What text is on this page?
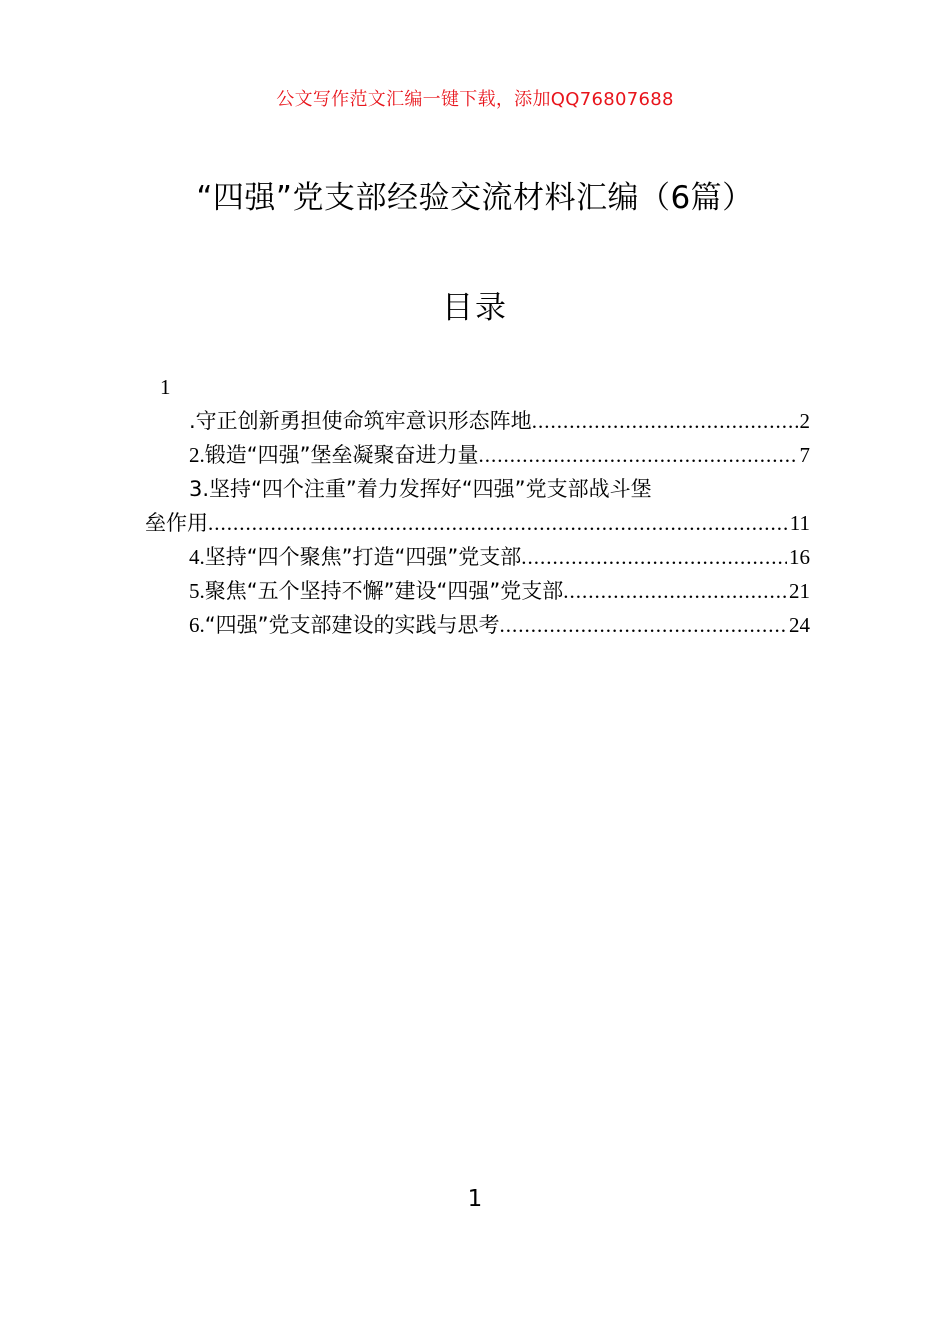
公文写作范文汇编一键下载，添加QQ76807688
“四强”党支部经验交流材料汇编（6篇）
目录
1
.守正创新勇担使命筑牢意识形态阵地 .....	2
2. 锻造“四强”堡垒凝聚奋进力量 .....	7
3.坚持“四个注重”着力发挥好“四强”党支部战斗堡
垒作用 .....	11
4. 坚持“四个聚焦”打造“四强”党支部 .....	16
5. 聚焦“五个坚持不懈”建设“四强”党支部 .....	21
6. “四强”党支部建设的实践与思考 .....	24
1
